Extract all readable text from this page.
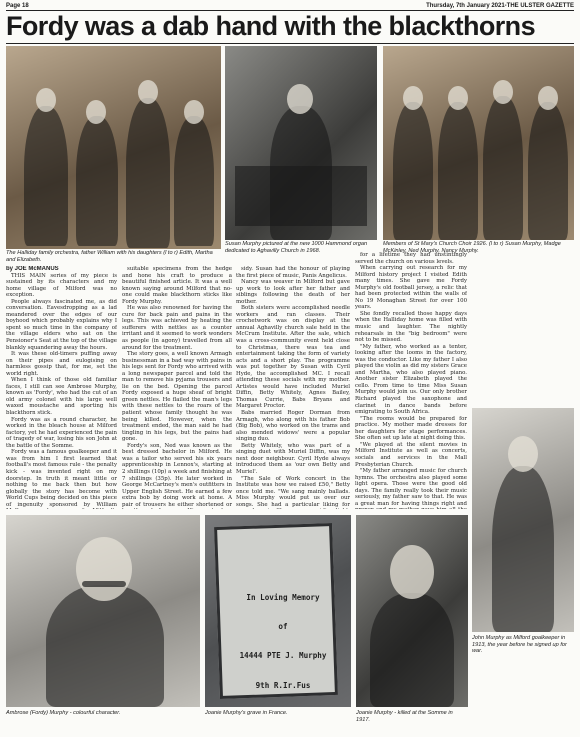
Page 18	Thursday, 7th January 2021-THE ULSTER GAZETTE
Fordy was a dab hand with the blackthorns
The Halliday family orchestra, father William with his daughters (l to r) Edith, Martha and Elizabeth.
Susan Murphy pictured at the new 1000 Hammond organ dedicated to Aghavilly Church in 1968.
Members of St Mary's Church Choir 1926. (l to r) Susan Murphy, Madge McKinley, Ned Murphy, Nancy Murphy.

by JOE McMANUS

THIS MAIN series of my piece is sustained by its characters and my home village of Milford was no exception.

People always fascinated me, as did conversation. Eavesdropping as a lad meandered over the edges of our boyhood which probably explains why I spent so much time in the company of the village elders who sat on the Pensioner's Seat at the top of the village blankly squandering away the hours.

It was these old-timers puffing away on their pipes and eulogising on harmless gossip that, for me, set the world right.

When I think of those old familiar faces, I still can see Ambrose Murphy, known as 'Fordy', who had the cut of an old army colonel with his large well waxed moustache and sporting his blackthorn stick.

Fordy was as a round character, he worked in the bleach house at Milford factory, yet he had experienced the pain of tragedy of war, losing his son John at the battle of the Somme.

Fordy was a famous goalkeeper and it was from him I first learned that football's most famous rule - the penalty kick - was invented right on my doorstep. In truth it meant little or nothing to me back then but how globally the story has become with World Cups being decided on this piece of ingenuity sponsored by William

suitable specimens from the hedge and hone his craft to produce a beautiful finished article. It was a well known saying around Milford that no-one could make blackthorn sticks like Fordy Murphy.

He was also renowned for having the cure for back pain and pains in the legs. This was achieved by heating the sufferers with nettles as a counter irritant and it seemed to work wonders as people (in agony) travelled from all around for the treatment.

The story goes, a well known Armagh businessman in a bad way with pains in his legs sent for Fordy who arrived with a long newspaper parcel and told the man to remove his pyjama trousers and lie on the bed. Opening the parcel Fordy exposed a huge sheaf of bright green nettles. He flailed the man's legs with these nettles to the roars of the patient whose family thought he was being killed. However, when the treatment ended, the man said he had tingling in his legs, but the pains had gone.

Fordy's son, Ned was known as the best dressed bachelor in Milford. He was a tailor who served his six years apprenticeship in Lennox's, starting at 2 shillings (10p) a week and finishing at 7 shillings (35p). He later worked in George McCartney's men's outfitters in Upper English Street. He earned a few extra bob by doing work at home. A pair of trousers he either shortened or

sidy. Susan had the honour of playing the first piece of music, Panis Angelicus.

Nancy was weaver in Milford but gave up work to look after her father and siblings following the death of her mother.

Both sisters were accomplished needle workers and ran classes. Their crochetwork was on display at the annual Aghavilly church sale held in the McCrum Institute. After the sale, which was a cross-community event held close to Christmas, there was tea and entertainment taking the form of variety acts and a short play. The programme was put together by Susan with Cyril Hyde, the accomplished MC. I recall attending these socials with my mother. Artistes would have included Muriel Diffin, Betty Whitely, Agnes Bailey, Thomas Currie, Babs Bryans and Margaret Proctor.

Babs married Roger Dorman from Armagh, who along with his father Bob (Big Bob), who worked on the trams and also mended widows' were a popular singing duo.

Betty Whitely, who was part of a singing duet with Muriel Diffin, was my next door neighbour. Cyril Hyde always introduced them as 'our own Betty and Muriel'.

"The Sale of Work concert in the Institute was how we raised £50," Betty once told me. "We sang mainly ballads. Miss Murphy would put us over our songs. She had a particular liking for

for a lifetime they had unstintingly served the church on various levels.

When carrying out research for my Milford history project I visited Edith many times. She gave me Fordy Murphy's old football jersey, a relic that had been protected within the walls of No 19 Monaghan Street for over 100 years.

She fondly recalled those happy days when the Halliday home was filled with music and laughter. The nightly rehearsals in the "big bedroom" were not to be missed.

"My father, who worked as a tenter, looking after the looms in the factory, was the conductor. Like my father I also played the violin as did my sisters Grace and Martha, who also played piano. Another sister Elizabeth played the cello. From time to time Miss Susan Murphy would join us. Our only brother Richard played the saxophone and clarinet in dance bands before emigrating to South Africa.

"The rooms would be prepared for practice. My mother made dresses for her daughters for stage performances. She often set up late at night doing this.

"We played at the silent movies in Milford Institute as well as concerts, socials and services in the Mall Presbyterian Church.

"My father arranged music for church hymns. The orchestra also played some light opera. Those were the good old days. The family really took their music seriously, my father saw to that. He was a great man for having things right and

In Loving Memory

of

14444 PTE J. Murphy

9th R.Ir.Fus

Ambrose (Fordy) Murphy - colourful character.	Joanie Murphy's grave in France.	Joanie Murphy - killed at the Somme in 1917.
John Murphy as Milford goalkeeper in 1913, the year before he signed up for war.
